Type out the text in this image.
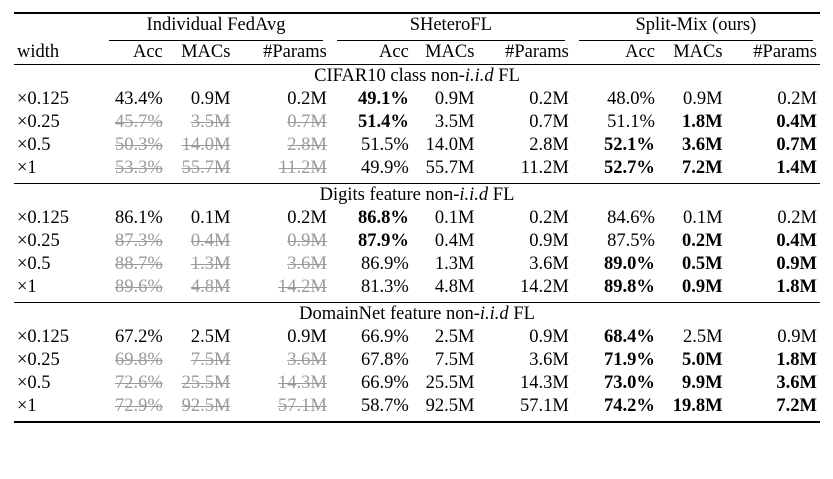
	Individual FedAvg			SHeteroFL			Split-Mix (ours)		

width	Acc	MACs	#Params	Acc	MACs	#Params	Acc	MACs	#Params
CIFAR10 class non-i.i.d FL									
×0.125	43.4%	0.9M	0.2M	49.1%	0.9M	0.2M	48.0%	0.9M	0.2M
×0.25	45.7%	3.5M	0.7M	51.4%	3.5M	0.7M	51.1%	1.8M	0.4M
×0.5	50.3%	14.0M	2.8M	51.5%	14.0M	2.8M	52.1%	3.6M	0.7M
×1	53.3%	55.7M	11.2M	49.9%	55.7M	11.2M	52.7%	7.2M	1.4M
Digits feature non-i.i.d FL									
×0.125	86.1%	0.1M	0.2M	86.8%	0.1M	0.2M	84.6%	0.1M	0.2M
×0.25	87.3%	0.4M	0.9M	87.9%	0.4M	0.9M	87.5%	0.2M	0.4M
×0.5	88.7%	1.3M	3.6M	86.9%	1.3M	3.6M	89.0%	0.5M	0.9M
×1	89.6%	4.8M	14.2M	81.3%	4.8M	14.2M	89.8%	0.9M	1.8M
DomainNet feature non-i.i.d FL									
×0.125	67.2%	2.5M	0.9M	66.9%	2.5M	0.9M	68.4%	2.5M	0.9M
×0.25	69.8%	7.5M	3.6M	67.8%	7.5M	3.6M	71.9%	5.0M	1.8M
×0.5	72.6%	25.5M	14.3M	66.9%	25.5M	14.3M	73.0%	9.9M	3.6M
×1	72.9%	92.5M	57.1M	58.7%	92.5M	57.1M	74.2%	19.8M	7.2M
